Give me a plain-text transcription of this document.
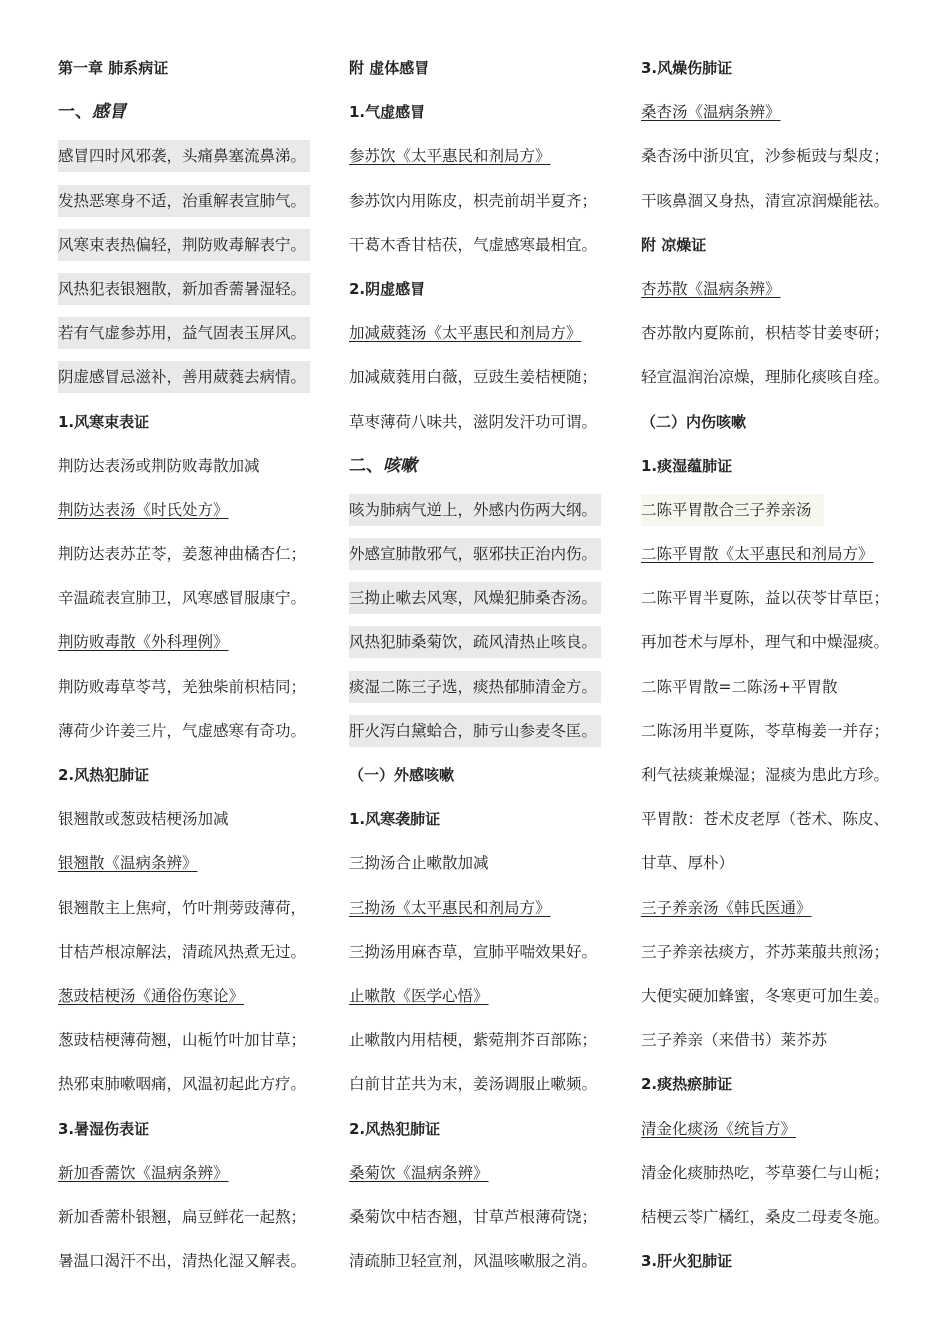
第一章 肺系病证
一、感冒
感冒四时风邪袭，头痛鼻塞流鼻涕。
发热恶寒身不适，治重解表宣肺气。
风寒束表热偏轻，荆防败毒解表宁。
风热犯表银翘散，新加香薷暑湿轻。
若有气虚参苏用，益气固表玉屏风。
阴虚感冒忌滋补，善用葳蕤去病情。
1.风寒束表证
荆防达表汤或荆防败毒散加减
荆防达表汤《时氏处方》
荆防达表苏芷苓，姜葱神曲橘杏仁；
辛温疏表宣肺卫，风寒感冒服康宁。
荆防败毒散《外科理例》
荆防败毒草苓芎，羌独柴前枳桔同；
薄荷少许姜三片，气虚感寒有奇功。
2.风热犯肺证
银翘散或葱豉桔梗汤加减
银翘散《温病条辨》
银翘散主上焦疴，竹叶荆蒡豉薄荷，
甘桔芦根凉解法，清疏风热煮无过。
葱豉桔梗汤《通俗伤寒论》
葱豉桔梗薄荷翘，山栀竹叶加甘草；
热邪束肺嗽咽痛，风温初起此方疗。
3.暑湿伤表证
新加香薷饮《温病条辨》
新加香薷朴银翘，扁豆鲜花一起熬；
暑温口渴汗不出，清热化湿又解表。
附 虚体感冒
1.气虚感冒
参苏饮《太平惠民和剂局方》
参苏饮内用陈皮，枳壳前胡半夏齐；
干葛木香甘桔茯，气虚感寒最相宜。
2.阴虚感冒
加减葳蕤汤《太平惠民和剂局方》
加减葳蕤用白薇，豆豉生姜桔梗随；
草枣薄荷八味共，滋阴发汗功可谓。
二、咳嗽
咳为肺病气逆上，外感内伤两大纲。
外感宣肺散邪气，驱邪扶正治内伤。
三拗止嗽去风寒，风燥犯肺桑杏汤。
风热犯肺桑菊饮，疏风清热止咳良。
痰湿二陈三子选，痰热郁肺清金方。
肝火泻白黛蛤合，肺亏山参麦冬匡。
（一）外感咳嗽
1.风寒袭肺证
三拗汤合止嗽散加减
三拗汤《太平惠民和剂局方》
三拗汤用麻杏草，宣肺平喘效果好。
止嗽散《医学心悟》
止嗽散内用桔梗，紫菀荆芥百部陈；
白前甘芷共为末，姜汤调服止嗽频。
2.风热犯肺证
桑菊饮《温病条辨》
桑菊饮中桔杏翘，甘草芦根薄荷饶；
清疏肺卫轻宣剂，风温咳嗽服之消。
3.风燥伤肺证
桑杏汤《温病条辨》
桑杏汤中浙贝宜，沙参栀豉与梨皮；
干咳鼻涸又身热，清宣凉润燥能祛。
附 凉燥证
杏苏散《温病条辨》
杏苏散内夏陈前，枳桔苓甘姜枣研；
轻宣温润治凉燥，理肺化痰咳自痊。
（二）内伤咳嗽
1.痰湿蕴肺证
二陈平胃散合三子养亲汤
二陈平胃散《太平惠民和剂局方》
二陈平胃半夏陈，益以茯苓甘草臣；
再加苍术与厚朴，理气和中燥湿痰。
二陈平胃散=二陈汤+平胃散
二陈汤用半夏陈，苓草梅姜一并存；
利气祛痰兼燥湿；湿痰为患此方珍。
平胃散：苍术皮老厚（苍术、陈皮、
甘草、厚朴）
三子养亲汤《韩氏医通》
三子养亲祛痰方，芥苏莱菔共煎汤；
大便实硬加蜂蜜，冬寒更可加生姜。
三子养亲（来借书）莱芥苏
2.痰热瘀肺证
清金化痰汤《统旨方》
清金化痰肺热吃，芩草蒌仁与山栀；
桔梗云苓广橘红，桑皮二母麦冬施。
3.肝火犯肺证
